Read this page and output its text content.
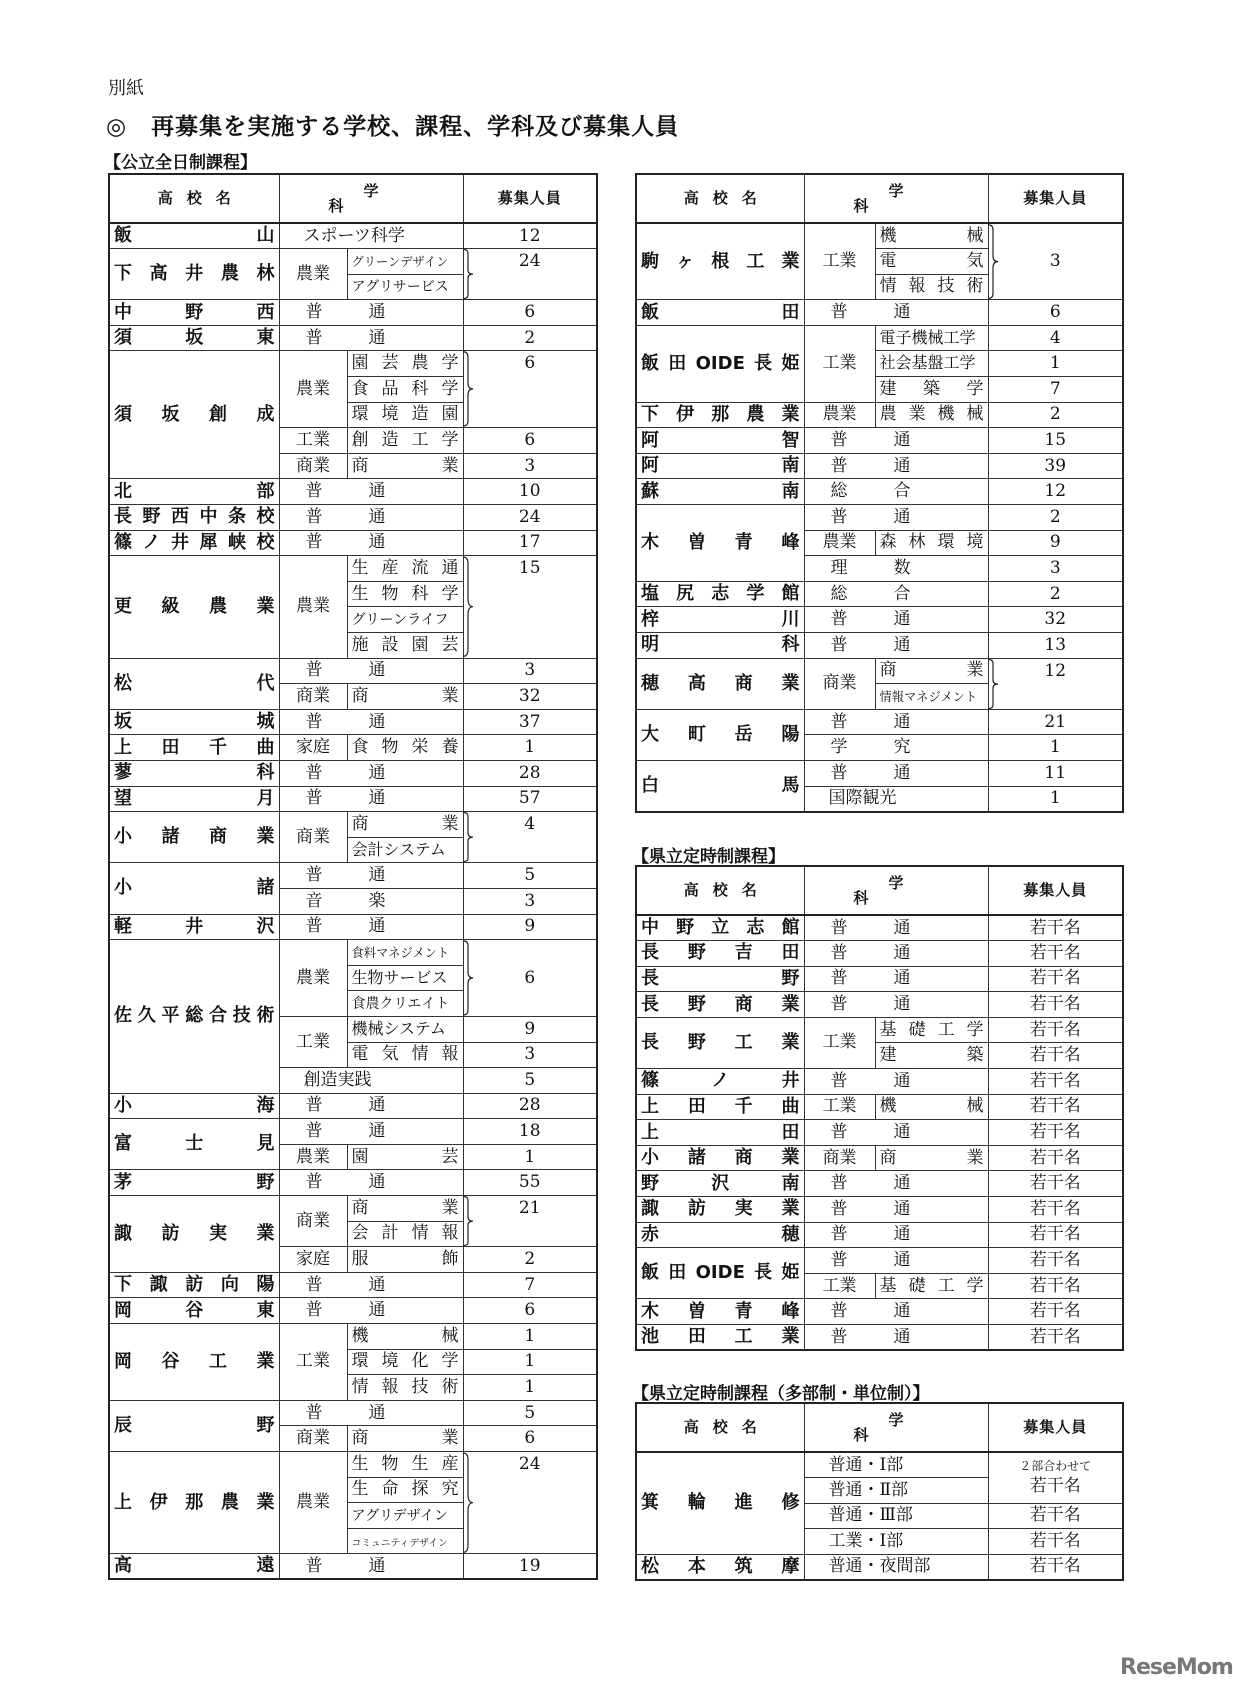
別紙
◎　再募集を実施する学校、課程、学科及び募集人員
【公立全日制課程】
【県立定時制課程】
【県立定時制課程（多部制・単位制）】
高校名	学科		募集人員

飯山	スポーツ科学		12

下高井農林	農業	グリーンデザイン	24
		アグリサービス	

中野西	普通		6

須坂東	普通		2

須坂創成	農業	園芸農学	6

		食品科学	

		環境造園	

	工業	創造工学	6
	商業	商業	3

北部	普通		10

長野西中条校	普通		24

篠ノ井犀峡校	普通		17

更級農業	農業	生産流通	15

		生物科学	

		グリーンライフ	

		施設園芸	

松代	普通		3
	商業	商業	32

坂城	普通		37

上田千曲	家庭	食物栄養	1

蓼科	普通		28

望月	普通		57

小諸商業	商業	商業	4
		会計システム	

小諸	普通		5

	音楽		3

軽井沢	普通		9

佐久平総合技術	農業	食料マネジメント	6
		生物サービス	
		食農クリエイト	
	工業	機械システム	9

		電気情報	3

	創造実践		5

小海	普通		28

富士見	普通		18
	農業	園芸	1

茅野	普通		55

諏訪実業	商業	商業	21

		会計情報	

	家庭	服飾	2

下諏訪向陽	普通		7

岡谷東	普通		6

岡谷工業	工業	機械	1

		環境化学	1

		情報技術	1

辰野	普通		5
	商業	商業	6

上伊那農業	農業	生物生産	24

		生命探究	

		アグリデザイン	
		コミュニティデザイン	

高遠	普通		19
高校名	学科		募集人員

駒ヶ根工業	工業	機械	3

		電気	

		情報技術	

飯田	普通		6

飯田OIDE長姫	工業	電子機械工学	4
		社会基盤工学	1

		建築学	7

下伊那農業	農業	農業機械	2

阿智	普通		15

阿南	普通		39

蘇南	総合		12

木曽青峰	普通		2
	農業	森林環境	9

	理数		3

塩尻志学館	総合		2

梓川	普通		32

明科	普通		13

穂高商業	商業	商業	12
		情報マネジメント	

大町岳陽	普通		21

	学究		1

白馬	普通		11

	国際観光		1
高校名	学科		募集人員

中野立志館	普通		若干名

長野吉田	普通		若干名

長野	普通		若干名

長野商業	普通		若干名

長野工業	工業	基礎工学	若干名

		建築	若干名

篠ノ井	普通		若干名

上田千曲	工業	機械	若干名

上田	普通		若干名

小諸商業	商業	商業	若干名

野沢南	普通		若干名

諏訪実業	普通		若干名

赤穂	普通		若干名

飯田OIDE長姫	普通		若干名
	工業	基礎工学	若干名

木曽青峰	普通		若干名

池田工業	普通		若干名
高校名	学科	募集人員

箕輪進修	普通・Ⅰ部	２部合わせて
若干名

	普通・Ⅱ部	

	普通・Ⅲ部	若干名

	工業・Ⅰ部	若干名

松本筑摩	普通・夜間部	若干名
ReseMom
